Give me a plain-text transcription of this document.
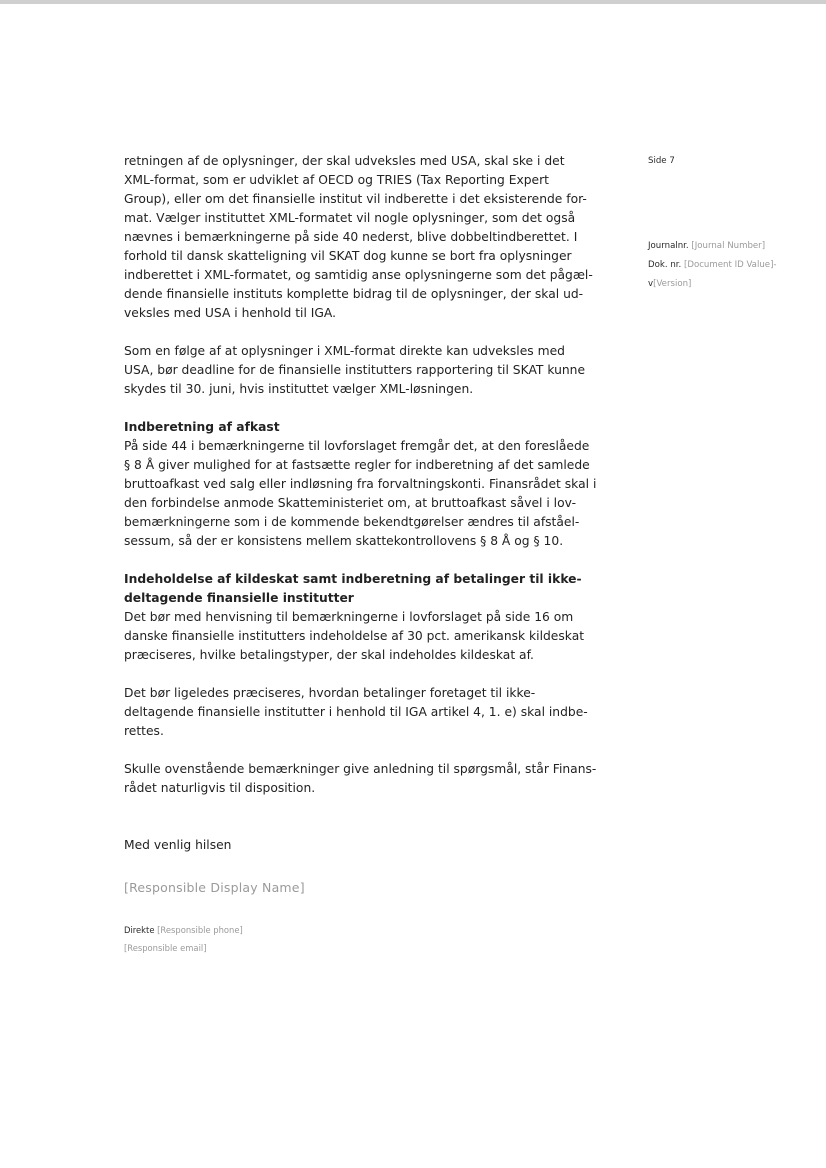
Side 7
Journalnr. [Journal Number]
Dok. nr. [Document ID Value]-
v[Version]

retningen af de oplysninger, der skal udveksles med USA, skal ske i det
XML-format, som er udviklet af OECD og TRIES (Tax Reporting Expert
Group), eller om det finansielle institut vil indberette i det eksisterende for-
mat. Vælger instituttet XML-formatet vil nogle oplysninger, som det også
nævnes i bemærkningerne på side 40 nederst, blive dobbeltindberettet. I
forhold til dansk skatteligning vil SKAT dog kunne se bort fra oplysninger
indberettet i XML-formatet, og samtidig anse oplysningerne som det pågæl-
dende finansielle instituts komplette bidrag til de oplysninger, der skal ud-
veksles med USA i henhold til IGA.

Som en følge af at oplysninger i XML-format direkte kan udveksles med
USA, bør deadline for de finansielle institutters rapportering til SKAT kunne
skydes til 30. juni, hvis instituttet vælger XML-løsningen.

Indberetning af afkast

På side 44 i bemærkningerne til lovforslaget fremgår det, at den foreslåede
§ 8 Å giver mulighed for at fastsætte regler for indberetning af det samlede
bruttoafkast ved salg eller indløsning fra forvaltningskonti. Finansrådet skal i
den forbindelse anmode Skatteministeriet om, at bruttoafkast såvel i lov-
bemærkningerne som i de kommende bekendtgørelser ændres til afståel-
sessum, så der er konsistens mellem skattekontrollovens § 8 Å og § 10.

Indeholdelse af kildeskat samt indberetning af betalinger til ikke-
deltagende finansielle institutter

Det bør med henvisning til bemærkningerne i lovforslaget på side 16 om
danske finansielle institutters indeholdelse af 30 pct. amerikansk kildeskat
præciseres, hvilke betalingstyper, der skal indeholdes kildeskat af.

Det bør ligeledes præciseres, hvordan betalinger foretaget til ikke-
deltagende finansielle institutter i henhold til IGA artikel 4, 1. e) skal indbe-
rettes.

Skulle ovenstående bemærkninger give anledning til spørgsmål, står Finans-
rådet naturligvis til disposition.

Med venlig hilsen

[Responsible Display Name]
Direkte [Responsible phone]
[Responsible email]
